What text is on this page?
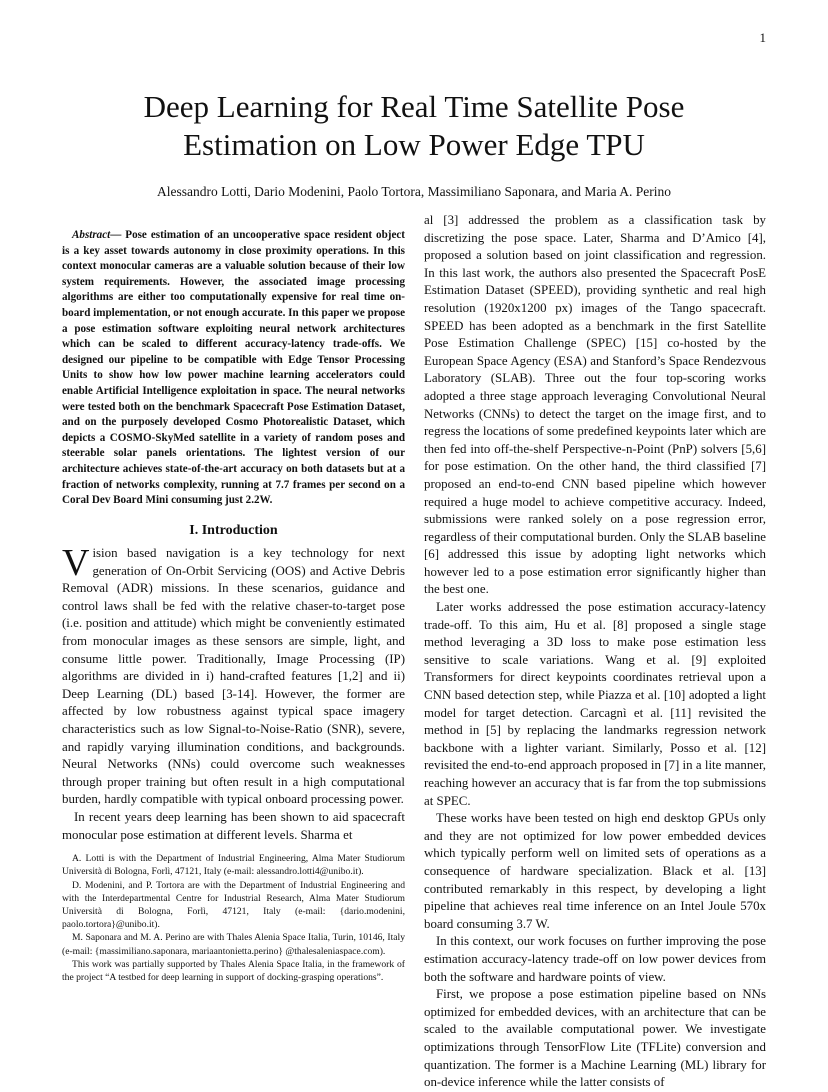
1
Deep Learning for Real Time Satellite Pose
Estimation on Low Power Edge TPU
Alessandro Lotti, Dario Modenini, Paolo Tortora, Massimiliano Saponara, and Maria A. Perino

Abstract— Pose estimation of an uncooperative space resident object is a key asset towards autonomy in close proximity operations. In this context monocular cameras are a valuable solution because of their low system requirements. However, the associated image processing algorithms are either too computationally expensive for real time on-board implementation, or not enough accurate. In this paper we propose a pose estimation software exploiting neural network architectures which can be scaled to different accuracy-latency trade-offs. We designed our pipeline to be compatible with Edge Tensor Processing Units to show how low power machine learning accelerators could enable Artificial Intelligence exploitation in space. The neural networks were tested both on the benchmark Spacecraft Pose Estimation Dataset, and on the purposely developed Cosmo Photorealistic Dataset, which depicts a COSMO-SkyMed satellite in a variety of random poses and steerable solar panels orientations. The lightest version of our architecture achieves state-of-the-art accuracy on both datasets but at a fraction of networks complexity, running at 7.7 frames per second on a Coral Dev Board Mini consuming just 2.2W.

I. Introduction

Vision based navigation is a key technology for next generation of On-Orbit Servicing (OOS) and Active Debris Removal (ADR) missions. In these scenarios, guidance and control laws shall be fed with the relative chaser-to-target pose (i.e. position and attitude) which might be conveniently estimated from monocular images as these sensors are simple, light, and consume little power. Traditionally, Image Processing (IP) algorithms are divided in i) hand-crafted features [1,2] and ii) Deep Learning (DL) based [3-14]. However, the former are affected by low robustness against typical space imagery characteristics such as low Signal-to-Noise-Ratio (SNR), severe, and rapidly varying illumination conditions, and backgrounds. Neural Networks (NNs) could overcome such weaknesses through proper training but often result in a high computational burden, hardly compatible with typical onboard processing power.

In recent years deep learning has been shown to aid spacecraft monocular pose estimation at different levels. Sharma et

A. Lotti is with the Department of Industrial Engineering, Alma Mater Studiorum Università di Bologna, Forlì, 47121, Italy (e-mail: alessandro.lotti4@unibo.it).

D. Modenini, and P. Tortora are with the Department of Industrial Engineering and with the Interdepartmental Centre for Industrial Research, Alma Mater Studiorum Università di Bologna, Forlì, 47121, Italy (e-mail: {dario.modenini, paolo.tortora}@unibo.it).

M. Saponara and M. A. Perino are with Thales Alenia Space Italia, Turin, 10146, Italy (e-mail: {massimiliano.saponara, mariaantonietta.perino} @thalesaleniaspace.com).

This work was partially supported by Thales Alenia Space Italia, in the framework of the project “A testbed for deep learning in support of docking-grasping operations”.

al [3] addressed the problem as a classification task by discretizing the pose space. Later, Sharma and D’Amico [4], proposed a solution based on joint classification and regression. In this last work, the authors also presented the Spacecraft PosE Estimation Dataset (SPEED), providing synthetic and real high resolution (1920x1200 px) images of the Tango spacecraft. SPEED has been adopted as a benchmark in the first Satellite Pose Estimation Challenge (SPEC) [15] co-hosted by the European Space Agency (ESA) and Stanford’s Space Rendezvous Laboratory (SLAB). Three out the four top-scoring works adopted a three stage approach leveraging Convolutional Neural Networks (CNNs) to detect the target on the image first, and to regress the locations of some predefined keypoints later which are then fed into off-the-shelf Perspective-n-Point (PnP) solvers [5,6] for pose estimation. On the other hand, the third classified [7] proposed an end-to-end CNN based pipeline which however required a huge model to achieve competitive accuracy. Indeed, submissions were ranked solely on a pose regression error, regardless of their computational burden. Only the SLAB baseline [6] addressed this issue by adopting light networks which however led to a pose estimation error significantly higher than the best one.

Later works addressed the pose estimation accuracy-latency trade-off. To this aim, Hu et al. [8] proposed a single stage method leveraging a 3D loss to make pose estimation less sensitive to scale variations. Wang et al. [9] exploited Transformers for direct keypoints coordinates retrieval upon a CNN based detection step, while Piazza et al. [10] adopted a light model for target detection. Carcagnì et al. [11] revisited the method in [5] by replacing the landmarks regression network backbone with a lighter variant. Similarly, Posso et al. [12] revisited the end-to-end approach proposed in [7] in a lite manner, reaching however an accuracy that is far from the top submissions at SPEC.

These works have been tested on high end desktop GPUs only and they are not optimized for low power embedded devices which typically perform well on limited sets of operations as a consequence of hardware specialization. Black et al. [13] contributed remarkably in this respect, by developing a light pipeline that achieves real time inference on an Intel Joule 570x board consuming 3.7 W.

In this context, our work focuses on further improving the pose estimation accuracy-latency trade-off on low power devices from both the software and hardware points of view.

First, we propose a pose estimation pipeline based on NNs optimized for embedded devices, with an architecture that can be scaled to the available computational power. We investigate optimizations through TensorFlow Lite (TFLite) conversion and quantization. The former is a Machine Learning (ML) library for on-device inference while the latter consists of
